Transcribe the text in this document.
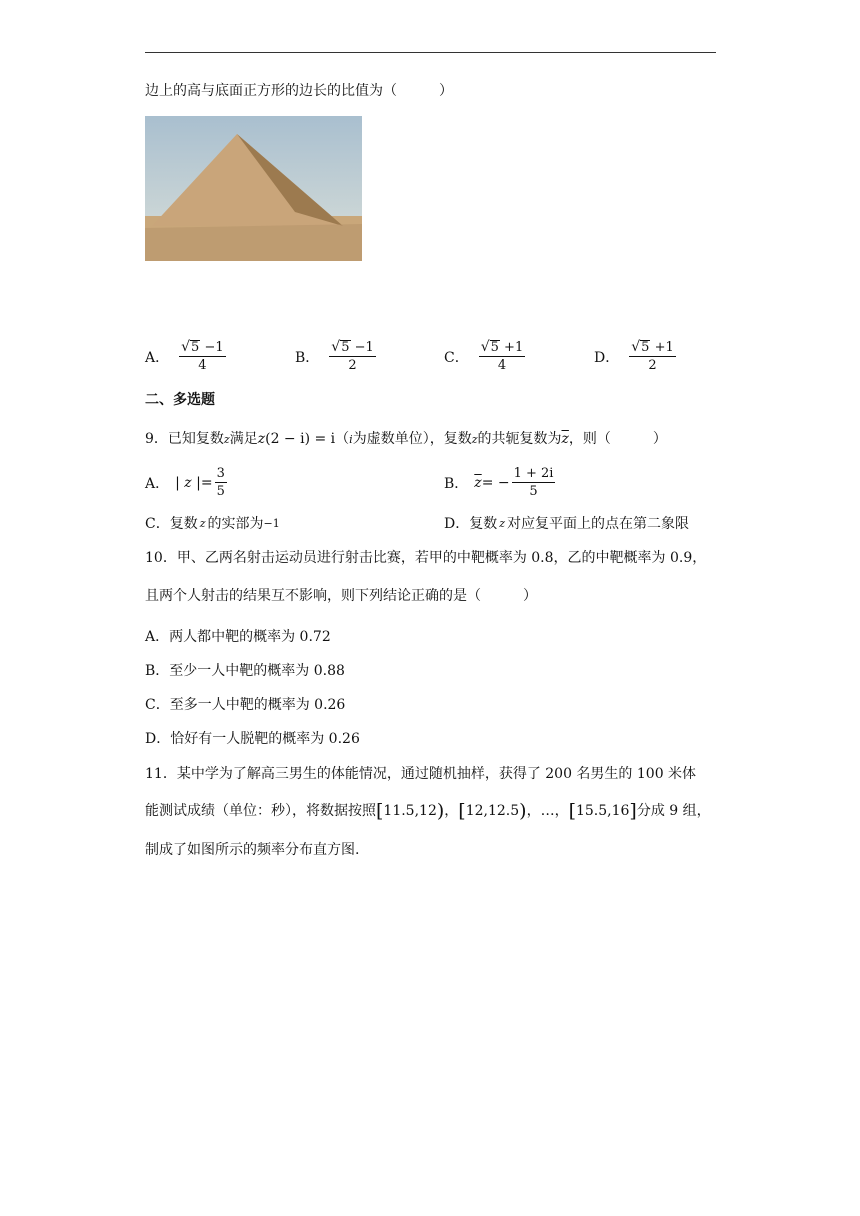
边上的高与底面正方形的边长的比值为（　　　）
A． $\frac{√ 5 -1}{4}$	B． $\frac{√ 5 -1}{2}$	C． $\frac{√ 5 +1}{4}$	D． $\frac{√ 5 +1}{2}$
二、多选题
9．已知复数z满足z(2 − i) = i（i为虚数单位），复数z的共轭复数为$\overline{z}$，则（　　　）
A． | z |= $\frac{3}{5}$	B． $\overline{z}$ = − $\frac{1 + 2i}{5}$
C．复数 z 的实部为 −1	D．复数 z 对应复平面上的点在第二象限
10．甲、乙两名射击运动员进行射击比赛，若甲的中靶概率为 0.8，乙的中靶概率为 0.9，
且两个人射击的结果互不影响，则下列结论正确的是（　　　）
A．两人都中靶的概率为 0.72
B．至少一人中靶的概率为 0.88
C．至多一人中靶的概率为 0.26
D．恰好有一人脱靶的概率为 0.26
11．某中学为了解高三男生的体能情况，通过随机抽样，获得了 200 名男生的 100 米体
能测试成绩（单位：秒），将数据按照[11.5,12)，[12,12.5)，…，[15.5,16]分成 9 组，
制成了如图所示的频率分布直方图.
